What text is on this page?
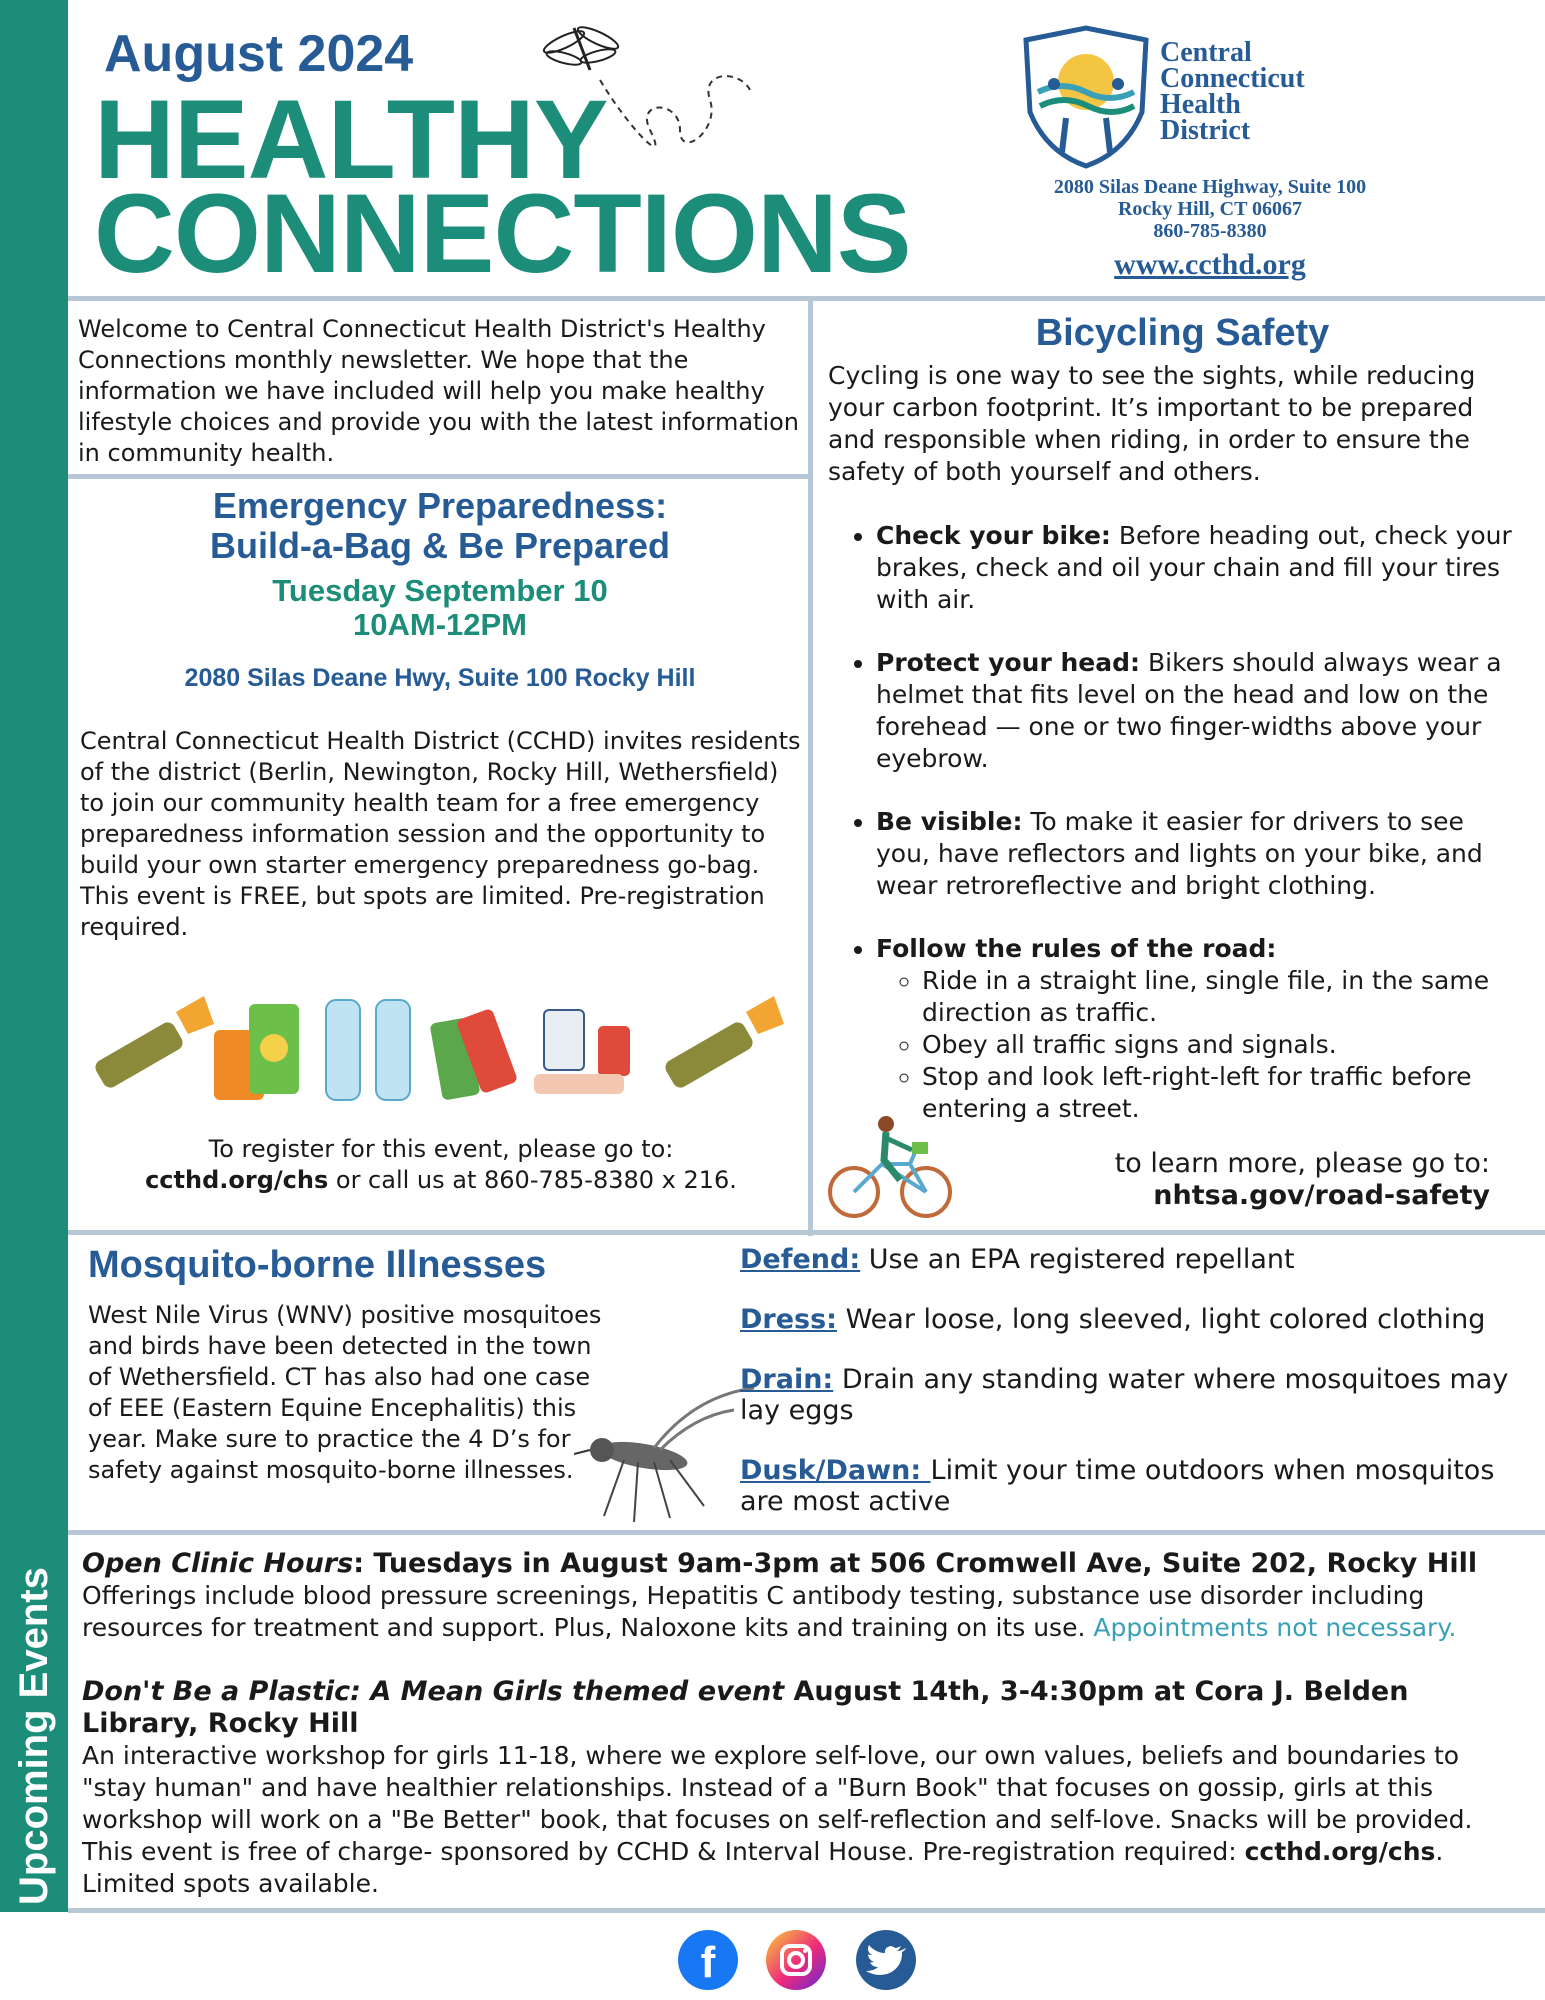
August 2024
HEALTHY
CONNECTIONS
Central
Connecticut
Health
District
2080 Silas Deane Highway, Suite 100
Rocky Hill, CT 06067
860-785-8380
www.ccthd.org
Welcome to Central Connecticut Health District's Healthy Connections monthly newsletter. We hope that the information we have included will help you make healthy lifestyle choices and provide you with the latest information in community health.
Emergency Preparedness:
Build-a-Bag & Be Prepared
Tuesday September 10
10AM-12PM
2080 Silas Deane Hwy, Suite 100 Rocky Hill
Central Connecticut Health District (CCHD) invites residents of the district (Berlin, Newington, Rocky Hill, Wethersfield) to join our community health team for a free emergency preparedness information session and the opportunity to build your own starter emergency preparedness go-bag.
This event is FREE, but spots are limited. Pre-registration required.
To register for this event, please go to:
ccthd.org/chs or call us at 860-785-8380 x 216.
Bicycling Safety
Cycling is one way to see the sights, while reducing your carbon footprint. It’s important to be prepared and responsible when riding, in order to ensure the safety of both yourself and others.
• Check your bike: Before heading out, check your brakes, check and oil your chain and fill your tires with air.
• Protect your head: Bikers should always wear a helmet that fits level on the head and low on the forehead — one or two finger-widths above your eyebrow.
• Be visible: To make it easier for drivers to see you, have reflectors and lights on your bike, and wear retroreflective and bright clothing.
• Follow the rules of the road:
◦ Ride in a straight line, single file, in the same direction as traffic.
◦ Obey all traffic signs and signals.
◦ Stop and look left-right-left for traffic before entering a street.
to learn more, please go to:
nhtsa.gov/road-safety
Mosquito-borne Illnesses
West Nile Virus (WNV) positive mosquitoes and birds have been detected in the town of Wethersfield. CT has also had one case of EEE (Eastern Equine Encephalitis) this year. Make sure to practice the 4 D’s for safety against mosquito-borne illnesses.
Defend: Use an EPA registered repellant
Dress: Wear loose, long sleeved, light colored clothing
Drain: Drain any standing water where mosquitoes may lay eggs
Dusk/Dawn: Limit your time outdoors when mosquitos are most active

Open Clinic Hours: Tuesdays in August 9am-3pm at 506 Cromwell Ave, Suite 202, Rocky Hill
Offerings include blood pressure screenings, Hepatitis C antibody testing, substance use disorder including resources for treatment and support. Plus, Naloxone kits and training on its use. Appointments not necessary.

Don't Be a Plastic: A Mean Girls themed event August 14th, 3-4:30pm at Cora J. Belden Library, Rocky Hill
An interactive workshop for girls 11-18, where we explore self-love, our own values, beliefs and boundaries to "stay human" and have healthier relationships. Instead of a "Burn Book" that focuses on gossip, girls at this workshop will work on a "Be Better" book, that focuses on self-reflection and self-love. Snacks will be provided. This event is free of charge- sponsored by CCHD & Interval House. Pre-registration required: ccthd.org/chs. Limited spots available.

f
